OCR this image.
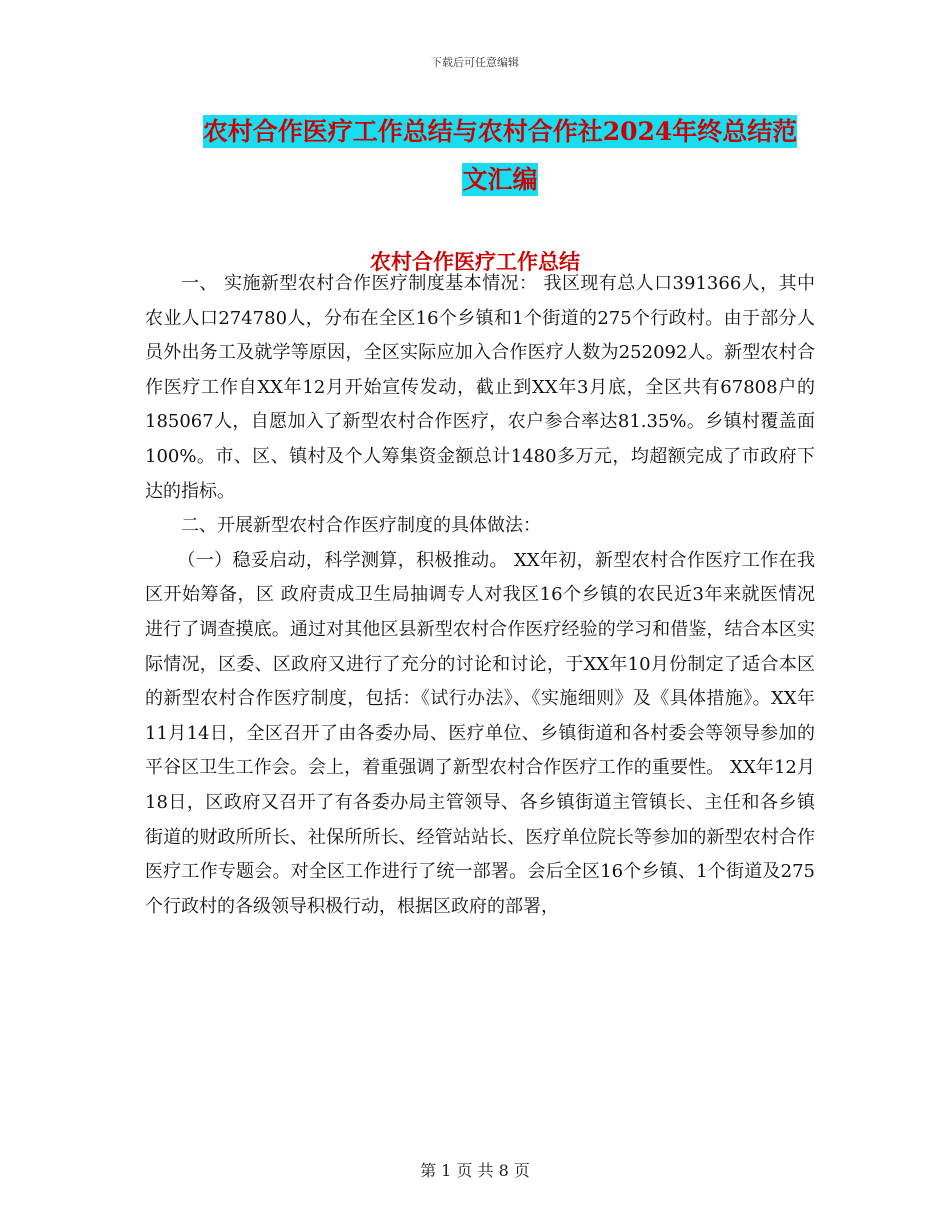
下载后可任意编辑
农村合作医疗工作总结与农村合作社2024年终总结范
文汇编
农村合作医疗工作总结

一、 实施新型农村合作医疗制度基本情况： 我区现有总人口391366人，其中农业人口274780人，分布在全区16个乡镇和1个街道的275个行政村。由于部分人员外出务工及就学等原因，全区实际应加入合作医疗人数为252092人。新型农村合作医疗工作自XX年12月开始宣传发动，截止到XX年3月底，全区共有67808户的185067人，自愿加入了新型农村合作医疗，农户参合率达81.35%。乡镇村覆盖面100%。市、区、镇村及个人筹集资金额总计1480多万元，均超额完成了市政府下达的指标。

二、开展新型农村合作医疗制度的具体做法：

（一）稳妥启动，科学测算，积极推动。 XX年初，新型农村合作医疗工作在我区开始筹备，区 政府责成卫生局抽调专人对我区16个乡镇的农民近3年来就医情况进行了调查摸底。通过对其他区县新型农村合作医疗经验的学习和借鉴，结合本区实际情况，区委、区政府又进行了充分的讨论和讨论，于XX年10月份制定了适合本区的新型农村合作医疗制度，包括：《试行办法》、《实施细则》及《具体措施》。XX年11月14日，全区召开了由各委办局、医疗单位、乡镇街道和各村委会等领导参加的平谷区卫生工作会。会上，着重强调了新型农村合作医疗工作的重要性。 XX年12月18日，区政府又召开了有各委办局主管领导、各乡镇街道主管镇长、主任和各乡镇街道的财政所所长、社保所所长、经管站站长、医疗单位院长等参加的新型农村合作医疗工作专题会。对全区工作进行了统一部署。会后全区16个乡镇、1个街道及275个行政村的各级领导积极行动，根据区政府的部署，

第 1 页 共 8 页
